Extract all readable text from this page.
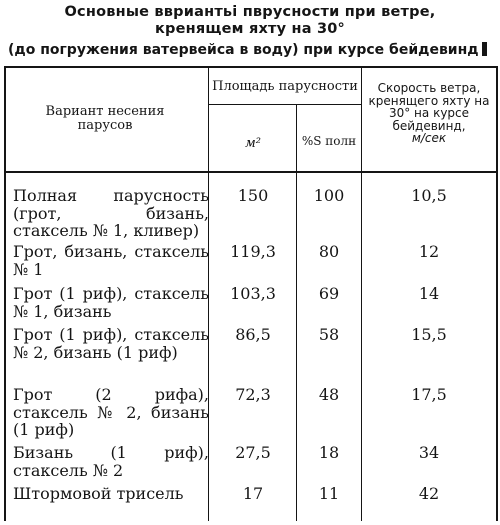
Основные ввриантьі пврусности при ветре,
кренящем яхту на 30°
(до погружения ватервейса в воду) при курсе бейдевинд
Вариант несения парусов
Площадь парусности
м²	%S полн
Скорость ветра, кренящего яхту на 30° на курсе бейдевинд,
м/сек
Полная парусность (грот, бизань, стаксель № 1, кливер)
150	100	10,5
Грот, бизань, стаксель № 1
119,3	80	12
Грот (1 риф), стаксель № 1, бизань
103,3	69	14
Грот (1 риф), стаксель № 2, бизань (1 риф)
86,5	58	15,5
Грот (2 рифа), стаксель № 2, бизань (1 риф)
72,3	48	17,5
Бизань (1 риф), стаксель № 2
27,5	18	34
Штормовой трисель	17	11	42
